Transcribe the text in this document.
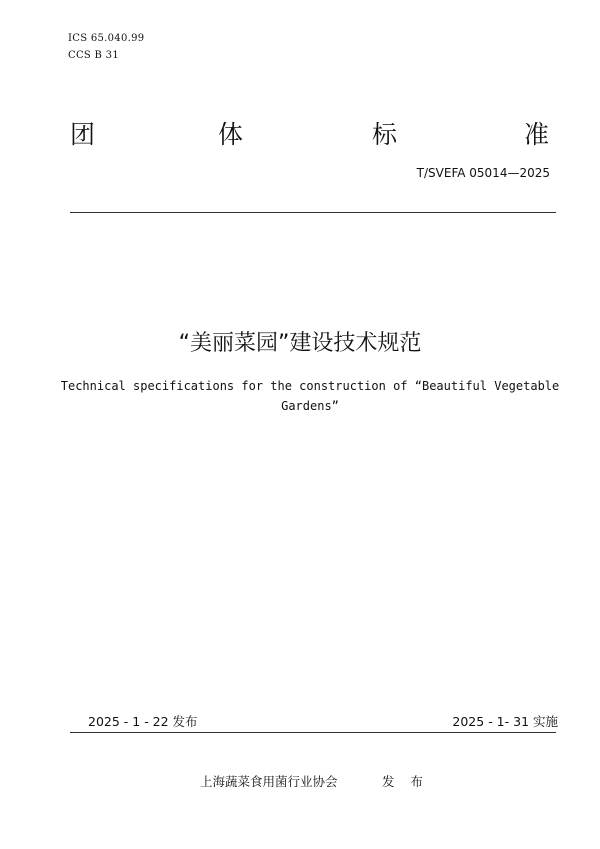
ICS 65.040.99
CCS B 31
团	体	标	准
T/SVEFA 05014—2025
“美丽菜园”建设技术规范
Technical specifications for the construction of “Beautiful Vegetable Gardens”
2025 - 1 - 22 发布	2025 - 1- 31 实施
上海蔬菜食用菌行业协会	发 布
